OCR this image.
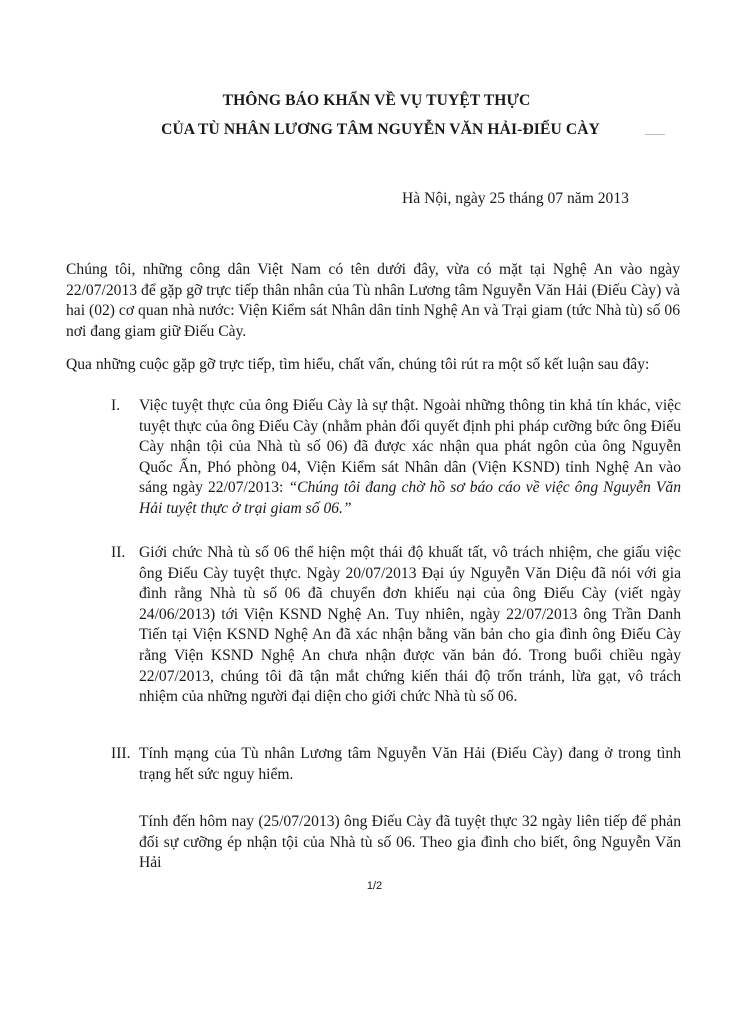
THÔNG BÁO KHẨN VỀ VỤ TUYỆT THỰC
CỦA TÙ NHÂN LƯƠNG TÂM NGUYỄN VĂN HẢI-ĐIẾU CÀY
Hà Nội, ngày 25 tháng 07 năm 2013

Chúng tôi, những công dân Việt Nam có tên dưới đây, vừa có mặt tại Nghệ An vào ngày 22/07/2013 để gặp gỡ trực tiếp thân nhân của Tù nhân Lương tâm Nguyễn Văn Hải (Điếu Cày) và hai (02) cơ quan nhà nước: Viện Kiểm sát Nhân dân tỉnh Nghệ An và Trại giam (tức Nhà tù) số 06 nơi đang giam giữ Điếu Cày.

Qua những cuộc gặp gỡ trực tiếp, tìm hiểu, chất vấn, chúng tôi rút ra một số kết luận sau đây:

I. Việc tuyệt thực của ông Điếu Cày là sự thật. Ngoài những thông tin khả tín khác, việc tuyệt thực của ông Điếu Cày (nhằm phản đối quyết định phi pháp cưỡng bức ông Điếu Cày nhận tội của Nhà tù số 06) đã được xác nhận qua phát ngôn của ông Nguyễn Quốc Ấn, Phó phòng 04, Viện Kiểm sát Nhân dân (Viện KSND) tỉnh Nghệ An vào sáng ngày 22/07/2013: “Chúng tôi đang chờ hồ sơ báo cáo về việc ông Nguyễn Văn Hải tuyệt thực ở trại giam số 06.”
II. Giới chức Nhà tù số 06 thể hiện một thái độ khuất tất, vô trách nhiệm, che giấu việc ông Điếu Cày tuyệt thực. Ngày 20/07/2013 Đại úy Nguyễn Văn Diệu đã nói với gia đình rằng Nhà tù số 06 đã chuyển đơn khiếu nại của ông Điếu Cày (viết ngày 24/06/2013) tới Viện KSND Nghệ An. Tuy nhiên, ngày 22/07/2013 ông Trần Danh Tiến tại Viện KSND Nghệ An đã xác nhận bằng văn bản cho gia đình ông Điếu Cày rằng Viện KSND Nghệ An chưa nhận được văn bản đó. Trong buổi chiều ngày 22/07/2013, chúng tôi đã tận mắt chứng kiến thái độ trốn tránh, lừa gạt, vô trách nhiệm của những người đại diện cho giới chức Nhà tù số 06.
III. Tính mạng của Tù nhân Lương tâm Nguyễn Văn Hải (Điếu Cày) đang ở trong tình trạng hết sức nguy hiểm.

Tính đến hôm nay (25/07/2013) ông Điếu Cày đã tuyệt thực 32 ngày liên tiếp để phản đối sự cưỡng ép nhận tội của Nhà tù số 06. Theo gia đình cho biết, ông Nguyễn Văn Hải

1/2
